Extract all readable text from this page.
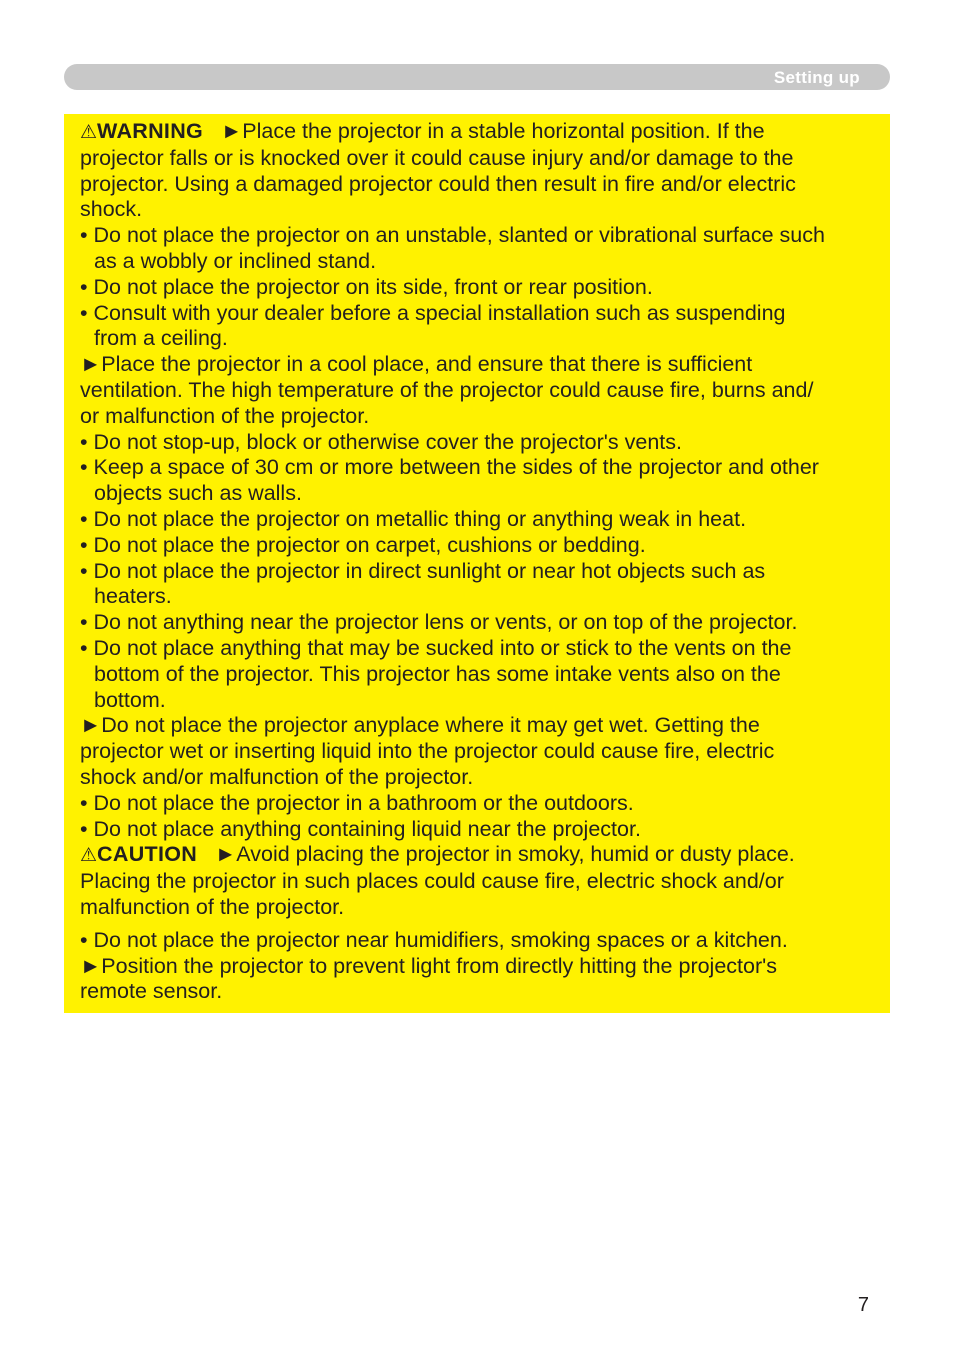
Setting up
⚠WARNING ►Place the projector in a stable horizontal position. If the
projector falls or is knocked over it could cause injury and/or damage to the
projector. Using a damaged projector could then result in fire and/or electric
shock.
• Do not place the projector on an unstable, slanted or vibrational surface such
as a wobbly or inclined stand.
• Do not place the projector on its side, front or rear position.
• Consult with your dealer before a special installation such as suspending
from a ceiling.
►Place the projector in a cool place, and ensure that there is sufficient
ventilation. The high temperature of the projector could cause fire, burns and/
or malfunction of the projector.
• Do not stop-up, block or otherwise cover the projector's vents.
• Keep a space of 30 cm or more between the sides of the projector and other
objects such as walls.
• Do not place the projector on metallic thing or anything weak in heat.
• Do not place the projector on carpet, cushions or bedding.
• Do not place the projector in direct sunlight or near hot objects such as
heaters.
• Do not anything near the projector lens or vents, or on top of the projector.
• Do not place anything that may be sucked into or stick to the vents on the
bottom of the projector. This projector has some intake vents also on the
bottom.
►Do not place the projector anyplace where it may get wet. Getting the
projector wet or inserting liquid into the projector could cause fire, electric
shock and/or malfunction of the projector.
• Do not place the projector in a bathroom or the outdoors.
• Do not place anything containing liquid near the projector.
⚠CAUTION ►Avoid placing the projector in smoky, humid or dusty place.
Placing the projector in such places could cause fire, electric shock and/or
malfunction of the projector.
• Do not place the projector near humidifiers, smoking spaces or a kitchen.
►Position the projector to prevent light from directly hitting the projector's
remote sensor.
7
